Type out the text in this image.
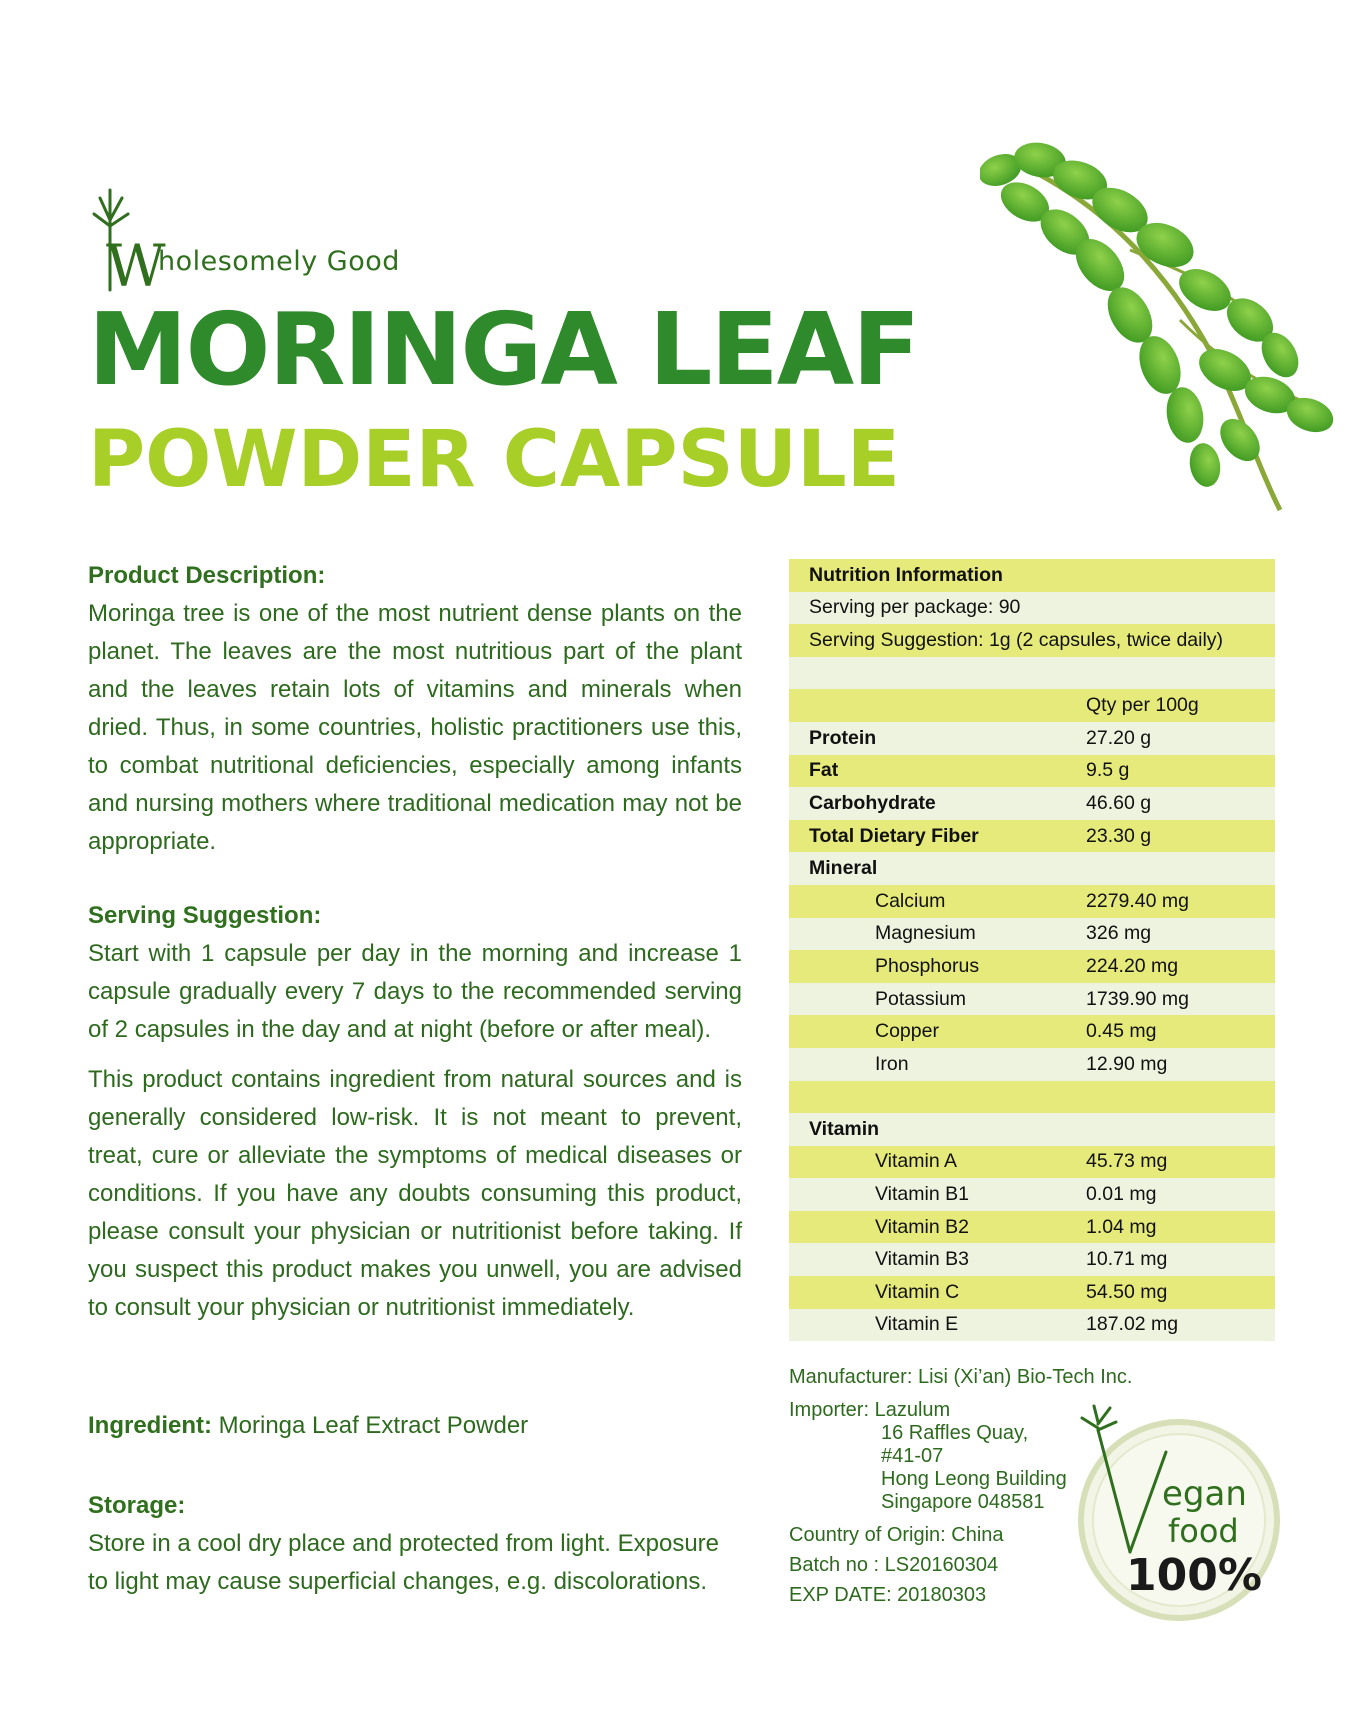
W
holesomely Good
MORINGA LEAF
POWDER CAPSULE
Product Description:
Moringa tree is one of the most nutrient dense plants on the planet. The leaves are the most nutritious part of the plant and the leaves retain lots of vitamins and minerals when dried. Thus, in some countries, holistic practitioners use this, to combat nutritional deficiencies, especially among infants and nursing mothers where traditional medication may not be appropriate.
Serving Suggestion:
Start with 1 capsule per day in the morning and increase 1 capsule gradually every 7 days to the recommended serving of 2 capsules in the day and at night (before or after meal).
This product contains ingredient from natural sources and is generally considered low-risk. It is not meant to prevent, treat, cure or alleviate the symptoms of medical diseases or conditions. If you have any doubts consuming this product, please consult your physician or nutritionist before taking. If you suspect this product makes you unwell, you are advised to consult your physician or nutritionist immediately.
Ingredient: Moringa Leaf Extract Powder
Storage:
Store in a cool dry place and protected from light. Exposure to light may cause superficial changes, e.g. discolorations.
Nutrition Information
Serving per package: 90
Serving Suggestion: 1g (2 capsules, twice daily)
Qty per 100g
Protein	27.20 g
Fat	9.5 g
Carbohydrate	46.60 g
Total Dietary Fiber	23.30 g
Mineral
Calcium	2279.40 mg
Magnesium	326 mg
Phosphorus	224.20 mg
Potassium	1739.90 mg
Copper	0.45 mg
Iron	12.90 mg
Vitamin
Vitamin A	45.73 mg
Vitamin B1	0.01 mg
Vitamin B2	1.04 mg
Vitamin B3	10.71 mg
Vitamin C	54.50 mg
Vitamin E	187.02 mg
Manufacturer: Lisi (Xi’an) Bio-Tech Inc.
Importer: Lazulum
16 Raffles Quay,
#41-07
Hong Leong Building
Singapore 048581
Country of Origin: China
Batch no : LS20160304
EXP DATE: 20180303
egan
food
100%
